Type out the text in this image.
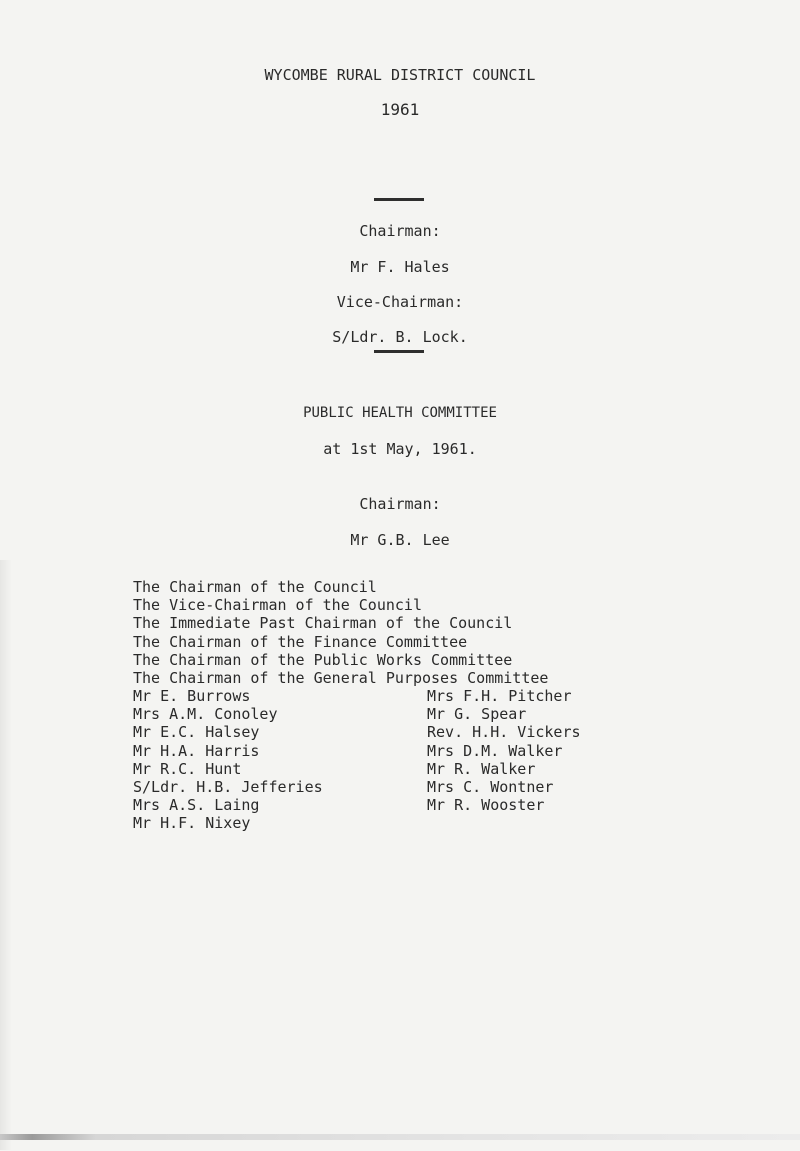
WYCOMBE RURAL DISTRICT COUNCIL
1961
Chairman:
Mr F. Hales
Vice-Chairman:
S/Ldr. B. Lock.
PUBLIC HEALTH COMMITTEE
at 1st May, 1961.
Chairman:
Mr G.B. Lee
The Chairman of the Council
The Vice-Chairman of the Council
The Immediate Past Chairman of the Council
The Chairman of the Finance Committee
The Chairman of the Public Works Committee
The Chairman of the General Purposes Committee
Mr E. Burrows
Mrs A.M. Conoley
Mr E.C. Halsey
Mr H.A. Harris
Mr R.C. Hunt
S/Ldr. H.B. Jefferies
Mrs A.S. Laing
Mr H.F. Nixey
Mrs F.H. Pitcher
Mr G. Spear
Rev. H.H. Vickers
Mrs D.M. Walker
Mr R. Walker
Mrs C. Wontner
Mr R. Wooster
